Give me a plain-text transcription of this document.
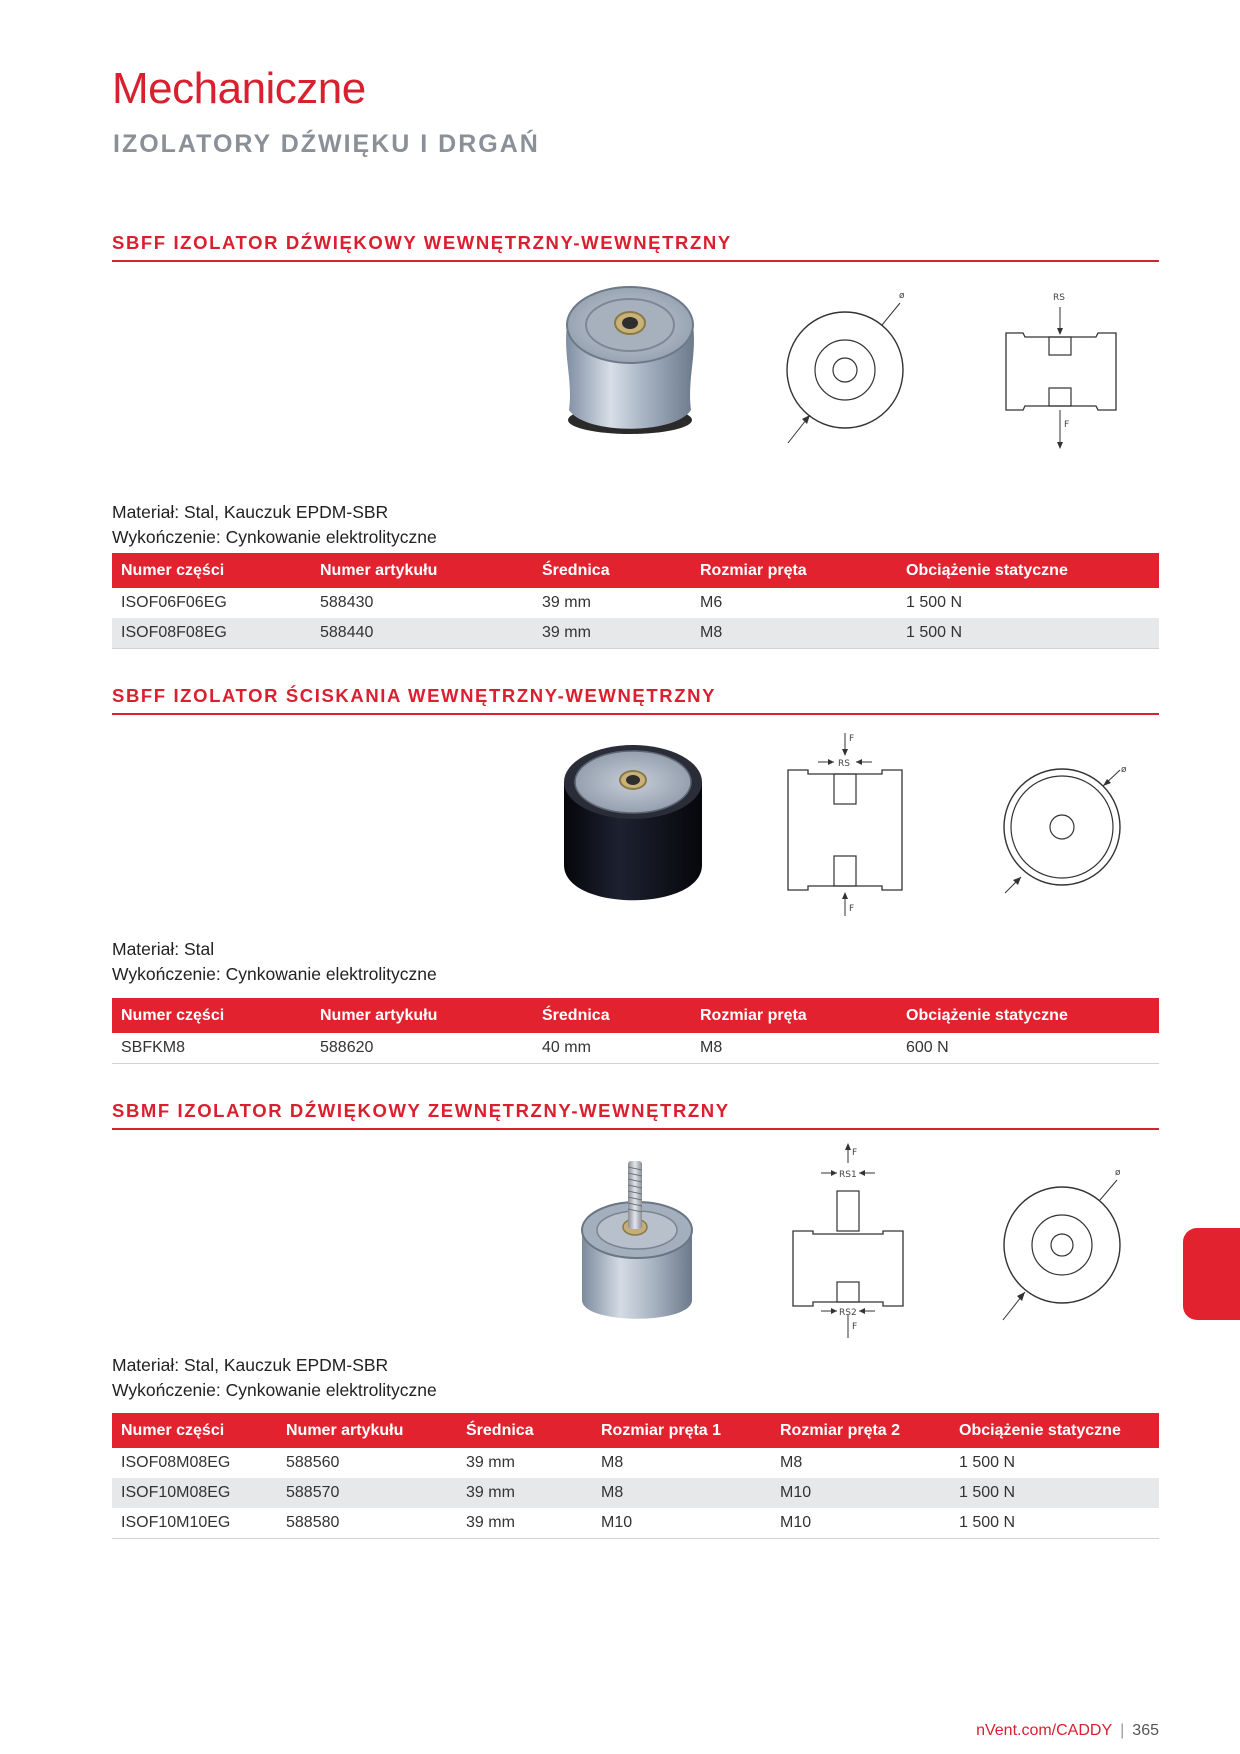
Mechaniczne
IZOLATORY DŹWIĘKU I DRGAŃ
SBFF IZOLATOR DŹWIĘKOWY WEWNĘTRZNY-WEWNĘTRZNY
ø	RS
F
Materiał: Stal, Kauczuk EPDM-SBR
Wykończenie: Cynkowanie elektrolityczne
Numer części	Numer artykułu	Średnica	Rozmiar pręta	Obciążenie statyczne
ISOF06F06EG	588430	39 mm	M6	1 500 N
ISOF08F08EG	588440	39 mm	M8	1 500 N
SBFF IZOLATOR ŚCISKANIA WEWNĘTRZNY-WEWNĘTRZNY
F
RS
F
ø
Materiał: Stal
Wykończenie: Cynkowanie elektrolityczne
Numer części	Numer artykułu	Średnica	Rozmiar pręta	Obciążenie statyczne
SBFKM8	588620	40 mm	M8	600 N
SBMF IZOLATOR DŹWIĘKOWY ZEWNĘTRZNY-WEWNĘTRZNY
F
RS1
RS2
F
ø
Materiał: Stal, Kauczuk EPDM-SBR
Wykończenie: Cynkowanie elektrolityczne
Numer części	Numer artykułu	Średnica	Rozmiar pręta 1	Rozmiar pręta 2	Obciążenie statyczne
ISOF08M08EG	588560	39 mm	M8	M8	1 500 N
ISOF10M08EG	588570	39 mm	M8	M10	1 500 N
ISOF10M10EG	588580	39 mm	M10	M10	1 500 N
nVent.com/CADDY | 365
